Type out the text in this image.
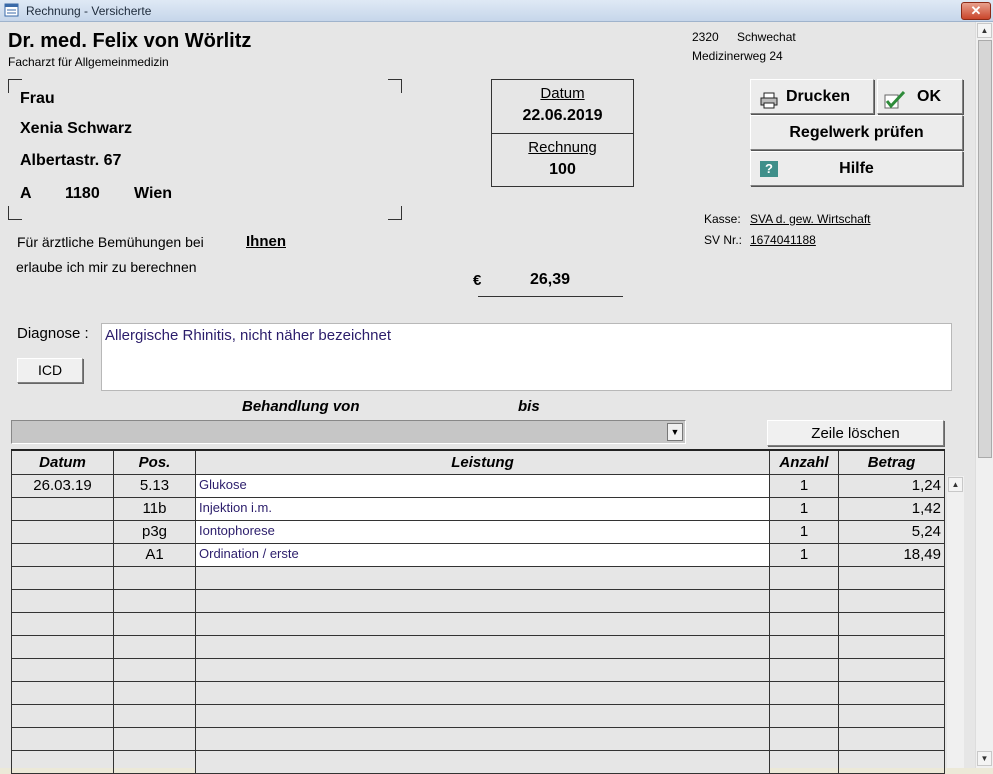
Rechnung - Versicherte	✕
Dr. med. Felix von Wörlitz
Facharzt für Allgemeinmedizin
2320 Schwechat
Medizinerweg 24
Frau
Xenia Schwarz
Albertastr. 67
A 1180 Wien
Für ärztliche Bemühungen bei	Ihnen
erlaube ich mir zu berechnen
Datum
22.06.2019
Rechnung
100
€	26,39
Drucken	OK
Regelwerk prüfen
?	Hilfe
Kasse: SVA d. gew. Wirtschaft
SV Nr.: 1674041188
Diagnose :
ICD
Allergische Rhinitis, nicht näher bezeichnet
Behandlung von	bis
▼	Zeile löschen
Datum	Pos.	Leistung	Anzahl	Betrag
26.03.19	5.13	Glukose	1	1,24
	11b	Injektion i.m.	1	1,42
	p3g	Iontophorese	1	5,24
	A1	Ordination / erste	1	18,49

▲
▲
▼
